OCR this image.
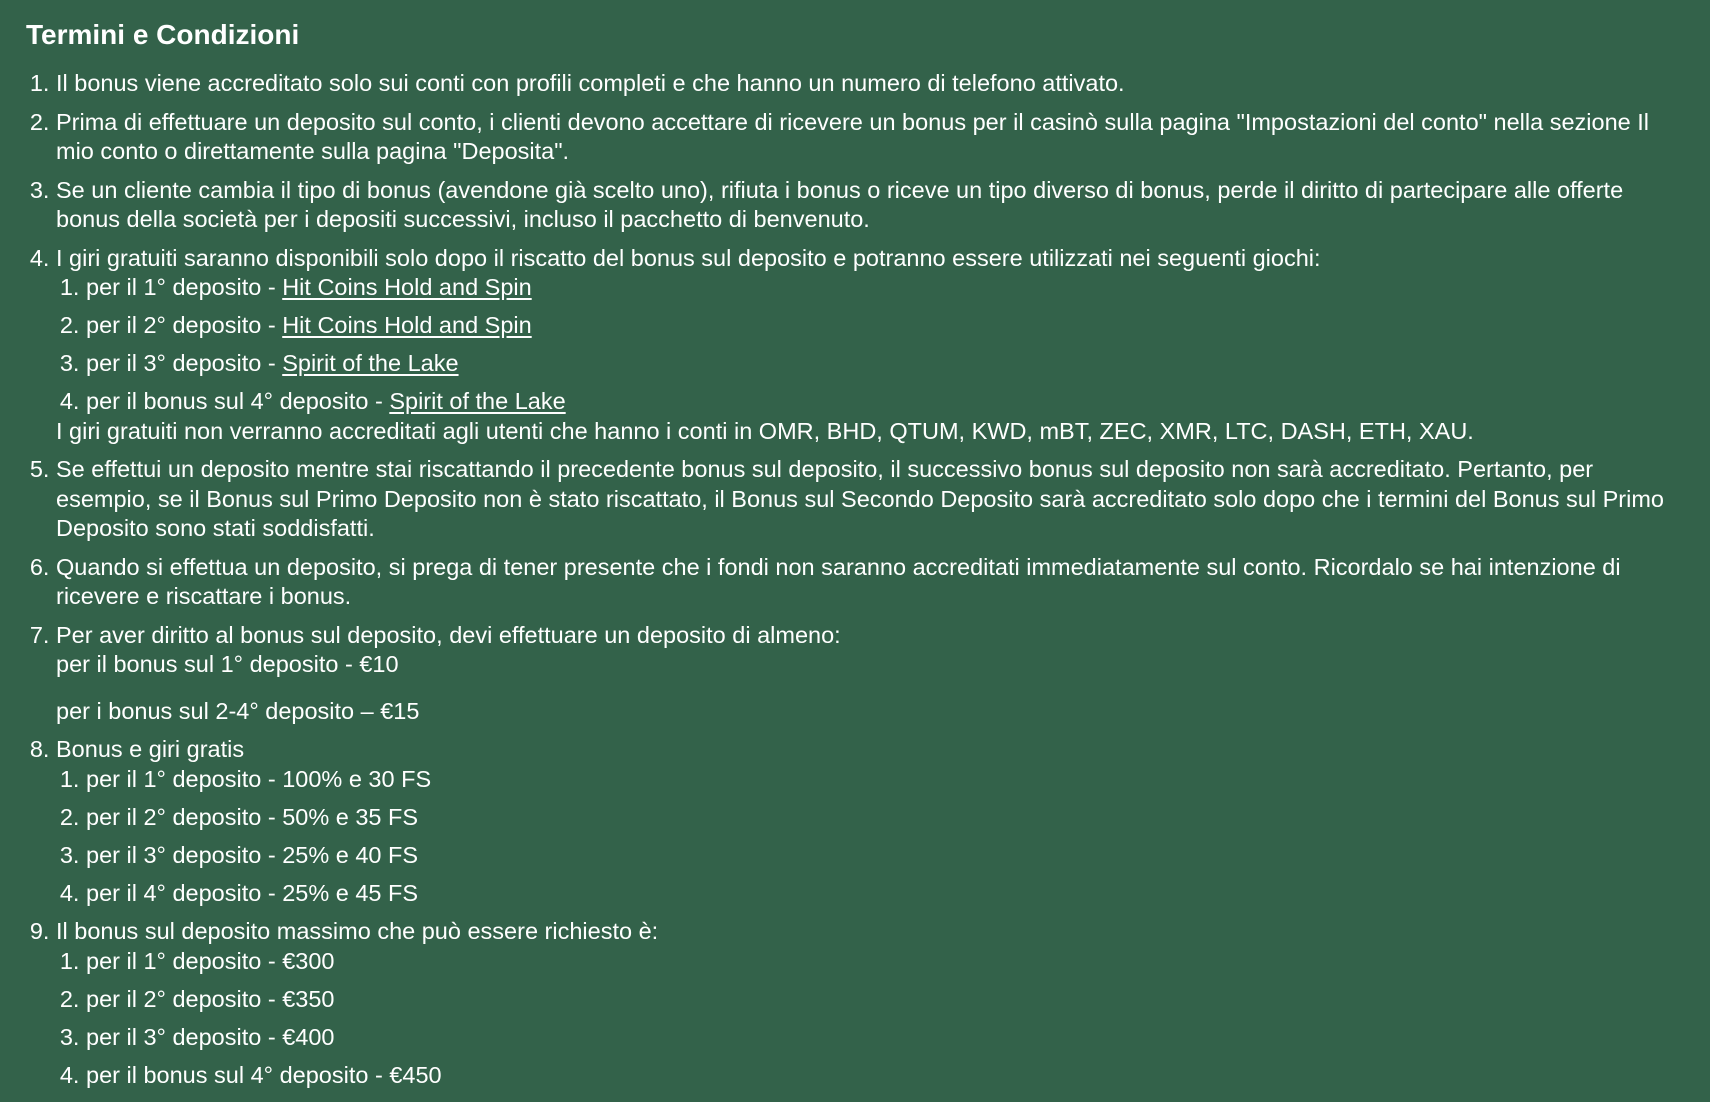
Termini e Condizioni
1. Il bonus viene accreditato solo sui conti con profili completi e che hanno un numero di telefono attivato.
2. Prima di effettuare un deposito sul conto, i clienti devono accettare di ricevere un bonus per il casinò sulla pagina "Impostazioni del conto" nella sezione Il mio conto o direttamente sulla pagina "Deposita".
3. Se un cliente cambia il tipo di bonus (avendone già scelto uno), rifiuta i bonus o riceve un tipo diverso di bonus, perde il diritto di partecipare alle offerte bonus della società per i depositi successivi, incluso il pacchetto di benvenuto.
4. I giri gratuiti saranno disponibili solo dopo il riscatto del bonus sul deposito e potranno essere utilizzati nei seguenti giochi:
1. per il 1° deposito - Hit Coins Hold and Spin
2. per il 2° deposito - Hit Coins Hold and Spin
3. per il 3° deposito - Spirit of the Lake
4. per il bonus sul 4° deposito - Spirit of the Lake
I giri gratuiti non verranno accreditati agli utenti che hanno i conti in OMR, BHD, QTUM, KWD, mBT, ZEC, XMR, LTC, DASH, ETH, XAU.
5. Se effettui un deposito mentre stai riscattando il precedente bonus sul deposito, il successivo bonus sul deposito non sarà accreditato. Pertanto, per esempio, se il Bonus sul Primo Deposito non è stato riscattato, il Bonus sul Secondo Deposito sarà accreditato solo dopo che i termini del Bonus sul Primo Deposito sono stati soddisfatti.
6. Quando si effettua un deposito, si prega di tener presente che i fondi non saranno accreditati immediatamente sul conto. Ricordalo se hai intenzione di ricevere e riscattare i bonus.
7. Per aver diritto al bonus sul deposito, devi effettuare un deposito di almeno:
per il bonus sul 1° deposito - €10
per i bonus sul 2-4° deposito – €15
8. Bonus e giri gratis
1. per il 1° deposito - 100% e 30 FS
2. per il 2° deposito - 50% e 35 FS
3. per il 3° deposito - 25% e 40 FS
4. per il 4° deposito - 25% e 45 FS
9. Il bonus sul deposito massimo che può essere richiesto è:
1. per il 1° deposito - €300
2. per il 2° deposito - €350
3. per il 3° deposito - €400
4. per il bonus sul 4° deposito - €450
